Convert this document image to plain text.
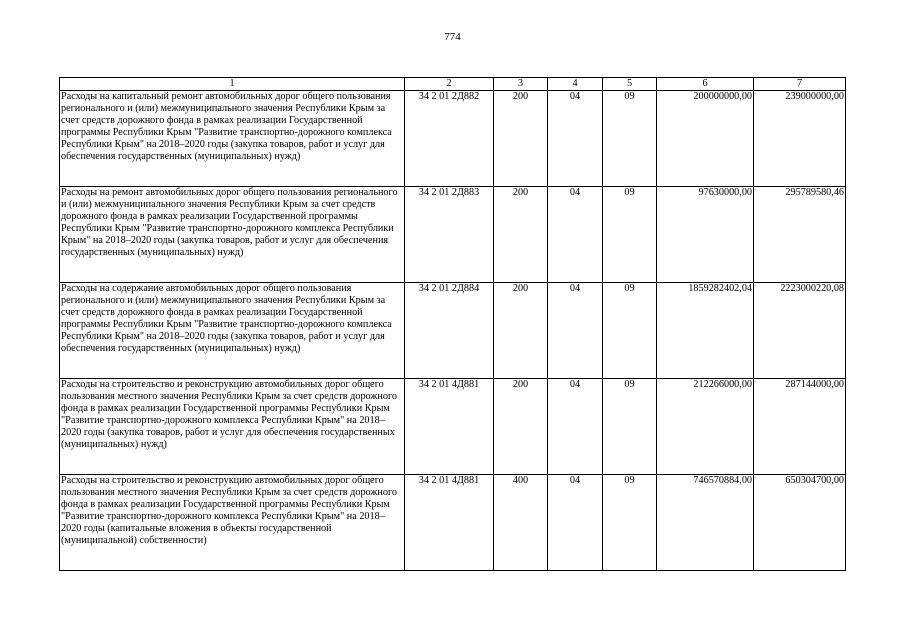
774
1	2	3	4	5	6	7
Расходы на капитальный ремонт автомобильных дорог общего пользования регионального и (или) межмуниципального значения Республики Крым за счет средств дорожного фонда в рамках реализации Государственной программы Республики Крым "Развитие транспортно-дорожного комплекса Республики Крым" на 2018–2020 годы (закупка товаров, работ и услуг для обеспечения государственных (муниципальных) нужд)	34 2 01 2Д882	200	04	09	200000000,00	239000000,00
Расходы на ремонт автомобильных дорог общего пользования регионального и (или) межмуниципального значения Республики Крым за счет средств дорожного фонда в рамках реализации Государственной программы Республики Крым "Развитие транспортно-дорожного комплекса Республики Крым" на 2018–2020 годы (закупка товаров, работ и услуг для обеспечения государственных (муниципальных) нужд)	34 2 01 2Д883	200	04	09	97630000,00	295789580,46
Расходы на содержание автомобильных дорог общего пользования регионального и (или) межмуниципального значения Республики Крым за счет средств дорожного фонда в рамках реализации Государственной программы Республики Крым "Развитие транспортно-дорожного комплекса Республики Крым" на 2018–2020 годы (закупка товаров, работ и услуг для обеспечения государственных (муниципальных) нужд)	34 2 01 2Д884	200	04	09	1859282402,04	2223000220,08
Расходы на строительство и реконструкцию автомобильных дорог общего пользования местного значения Республики Крым за счет средств дорожного фонда в рамках реализации Государственной программы Республики Крым "Развитие транспортно-дорожного комплекса Республики Крым" на 2018–2020 годы (закупка товаров, работ и услуг для обеспечения государственных (муниципальных) нужд)	34 2 01 4Д881	200	04	09	212266000,00	287144000,00
Расходы на строительство и реконструкцию автомобильных дорог общего пользования местного значения Республики Крым за счет средств дорожного фонда в рамках реализации Государственной программы Республики Крым "Развитие транспортно-дорожного комплекса Республики Крым" на 2018–2020 годы (капитальные вложения в объекты государственной (муниципальной) собственности)	34 2 01 4Д881	400	04	09	746570884,00	650304700,00
